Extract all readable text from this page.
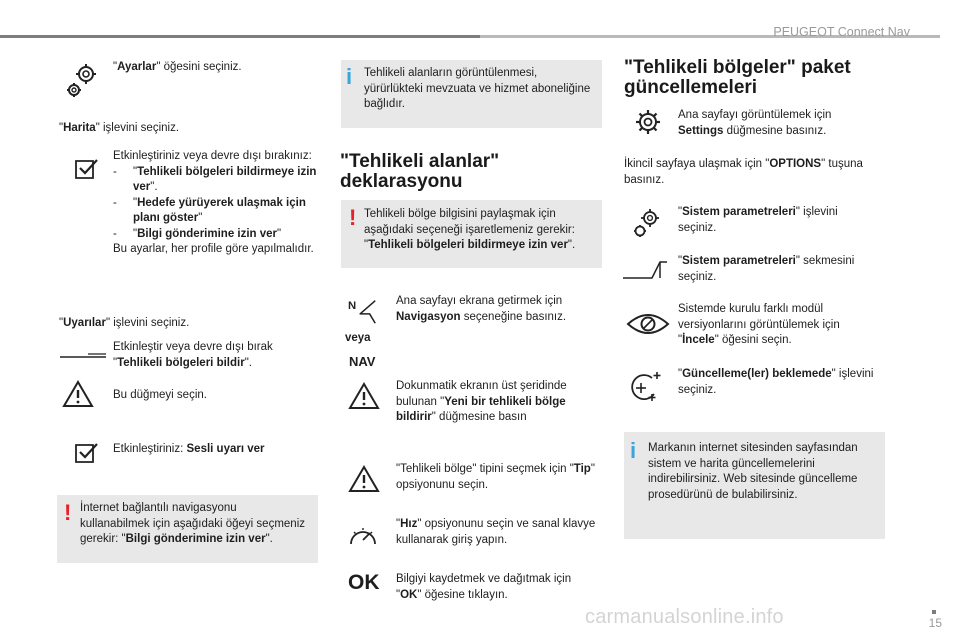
PEUGEOT Connect Nav
"Ayarlar" öğesini seçiniz.
"Harita" işlevini seçiniz.
Etkinleştiriniz veya devre dışı bırakınız:
-	"Tehlikeli bölgeleri bildirmeye izin ver".
-	"Hedefe yürüyerek ulaşmak için planı göster"
-	"Bilgi gönderimine izin ver"
Bu ayarlar, her profile göre yapılmalıdır.
"Uyarılar" işlevini seçiniz.
Etkinleştir veya devre dışı bırak
"Tehlikeli bölgeleri bildir".
Bu düğmeyi seçin.
Etkinleştiriniz: Sesli uyarı ver
! İnternet bağlantılı navigasyonu
kullanabilmek için aşağıdaki öğeyi seçmeniz
gerekir: "Bilgi gönderimine izin ver".
i Tehlikeli alanların görüntülenmesi, yürürlükteki mevzuata ve hizmet aboneliğine bağlıdır.
"Tehlikeli alanlar" deklarasyonu
! Tehlikeli bölge bilgisini paylaşmak için aşağıdaki seçeneği işaretlemeniz gerekir: "Tehlikeli bölgeleri bildirmeye izin ver".
N
veya
NAV
Ana sayfayı ekrana getirmek için Navigasyon seçeneğine basınız.
Dokunmatik ekranın üst şeridinde bulunan "Yeni bir tehlikeli bölge bildirir" düğmesine basın
"Tehlikeli bölge" tipini seçmek için "Tip" opsiyonunu seçin.
"Hız" opsiyonunu seçin ve sanal klavye kullanarak giriş yapın.
OK Bilgiyi kaydetmek ve dağıtmak için "OK" öğesine tıklayın.
"Tehlikeli bölgeler" paket güncellemeleri
Ana sayfayı görüntülemek için Settings düğmesine basınız.
İkincil sayfaya ulaşmak için "OPTIONS" tuşuna basınız.
"Sistem parametreleri" işlevini seçiniz.
"Sistem parametreleri" sekmesini seçiniz.
Sistemde kurulu farklı modül versiyonlarını görüntülemek için "İncele" öğesini seçin.
"Güncelleme(ler) beklemede" işlevini seçiniz.
i Markanın internet sitesinden sayfasından sistem ve harita güncellemelerini indirebilirsiniz. Web sitesinde güncelleme prosedürünü de bulabilirsiniz.
carmanualsonline.info	15
